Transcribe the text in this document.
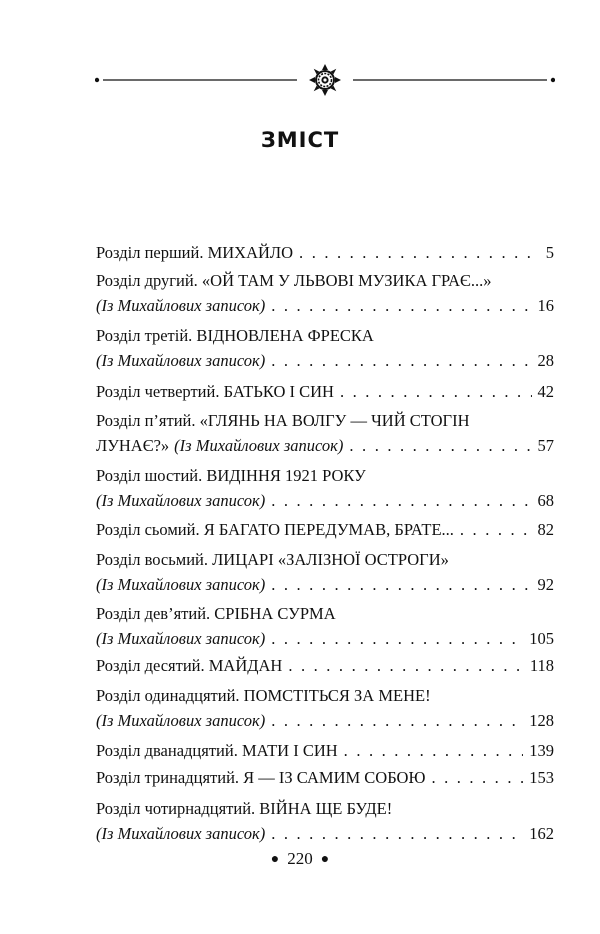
ЗМІСТ
Розділ перший. МИХАЙЛО . . .	5
Розділ другий. «ОЙ ТАМ У ЛЬВОВІ МУЗИКА ГРАЄ...»
(Із Михайлових записок) . . .	16
Розділ третій. ВІДНОВЛЕНА ФРЕСКА
(Із Михайлових записок) . . .	28
Розділ четвертий. БАТЬКО І СИН . . .	42
Розділ п’ятий. «ГЛЯНЬ НА ВОЛГУ — ЧИЙ СТОГІН
ЛУНАЄ?» (Із Михайлових записок) . . .	57
Розділ шостий. ВИДІННЯ 1921 РОКУ
(Із Михайлових записок) . . .	68
Розділ сьомий. Я БАГАТО ПЕРЕДУМАВ, БРАТЕ... . . .	82
Розділ восьмий. ЛИЦАРІ «ЗАЛІЗНОЇ ОСТРОГИ»
(Із Михайлових записок) . . .	92
Розділ дев’ятий. СРІБНА СУРМА
(Із Михайлових записок) . . .	105
Розділ десятий. МАЙДАН . . .	118
Розділ одинадцятий. ПОМСТІТЬСЯ ЗА МЕНЕ!
(Із Михайлових записок) . . .	128
Розділ дванадцятий. МАТИ І СИН . . .	139
Розділ тринадцятий. Я — ІЗ САМИМ СОБОЮ . . .	153
Розділ чотирнадцятий. ВІЙНА ЩЕ БУДЕ!
(Із Михайлових записок) . . .	162
● 220 ●
